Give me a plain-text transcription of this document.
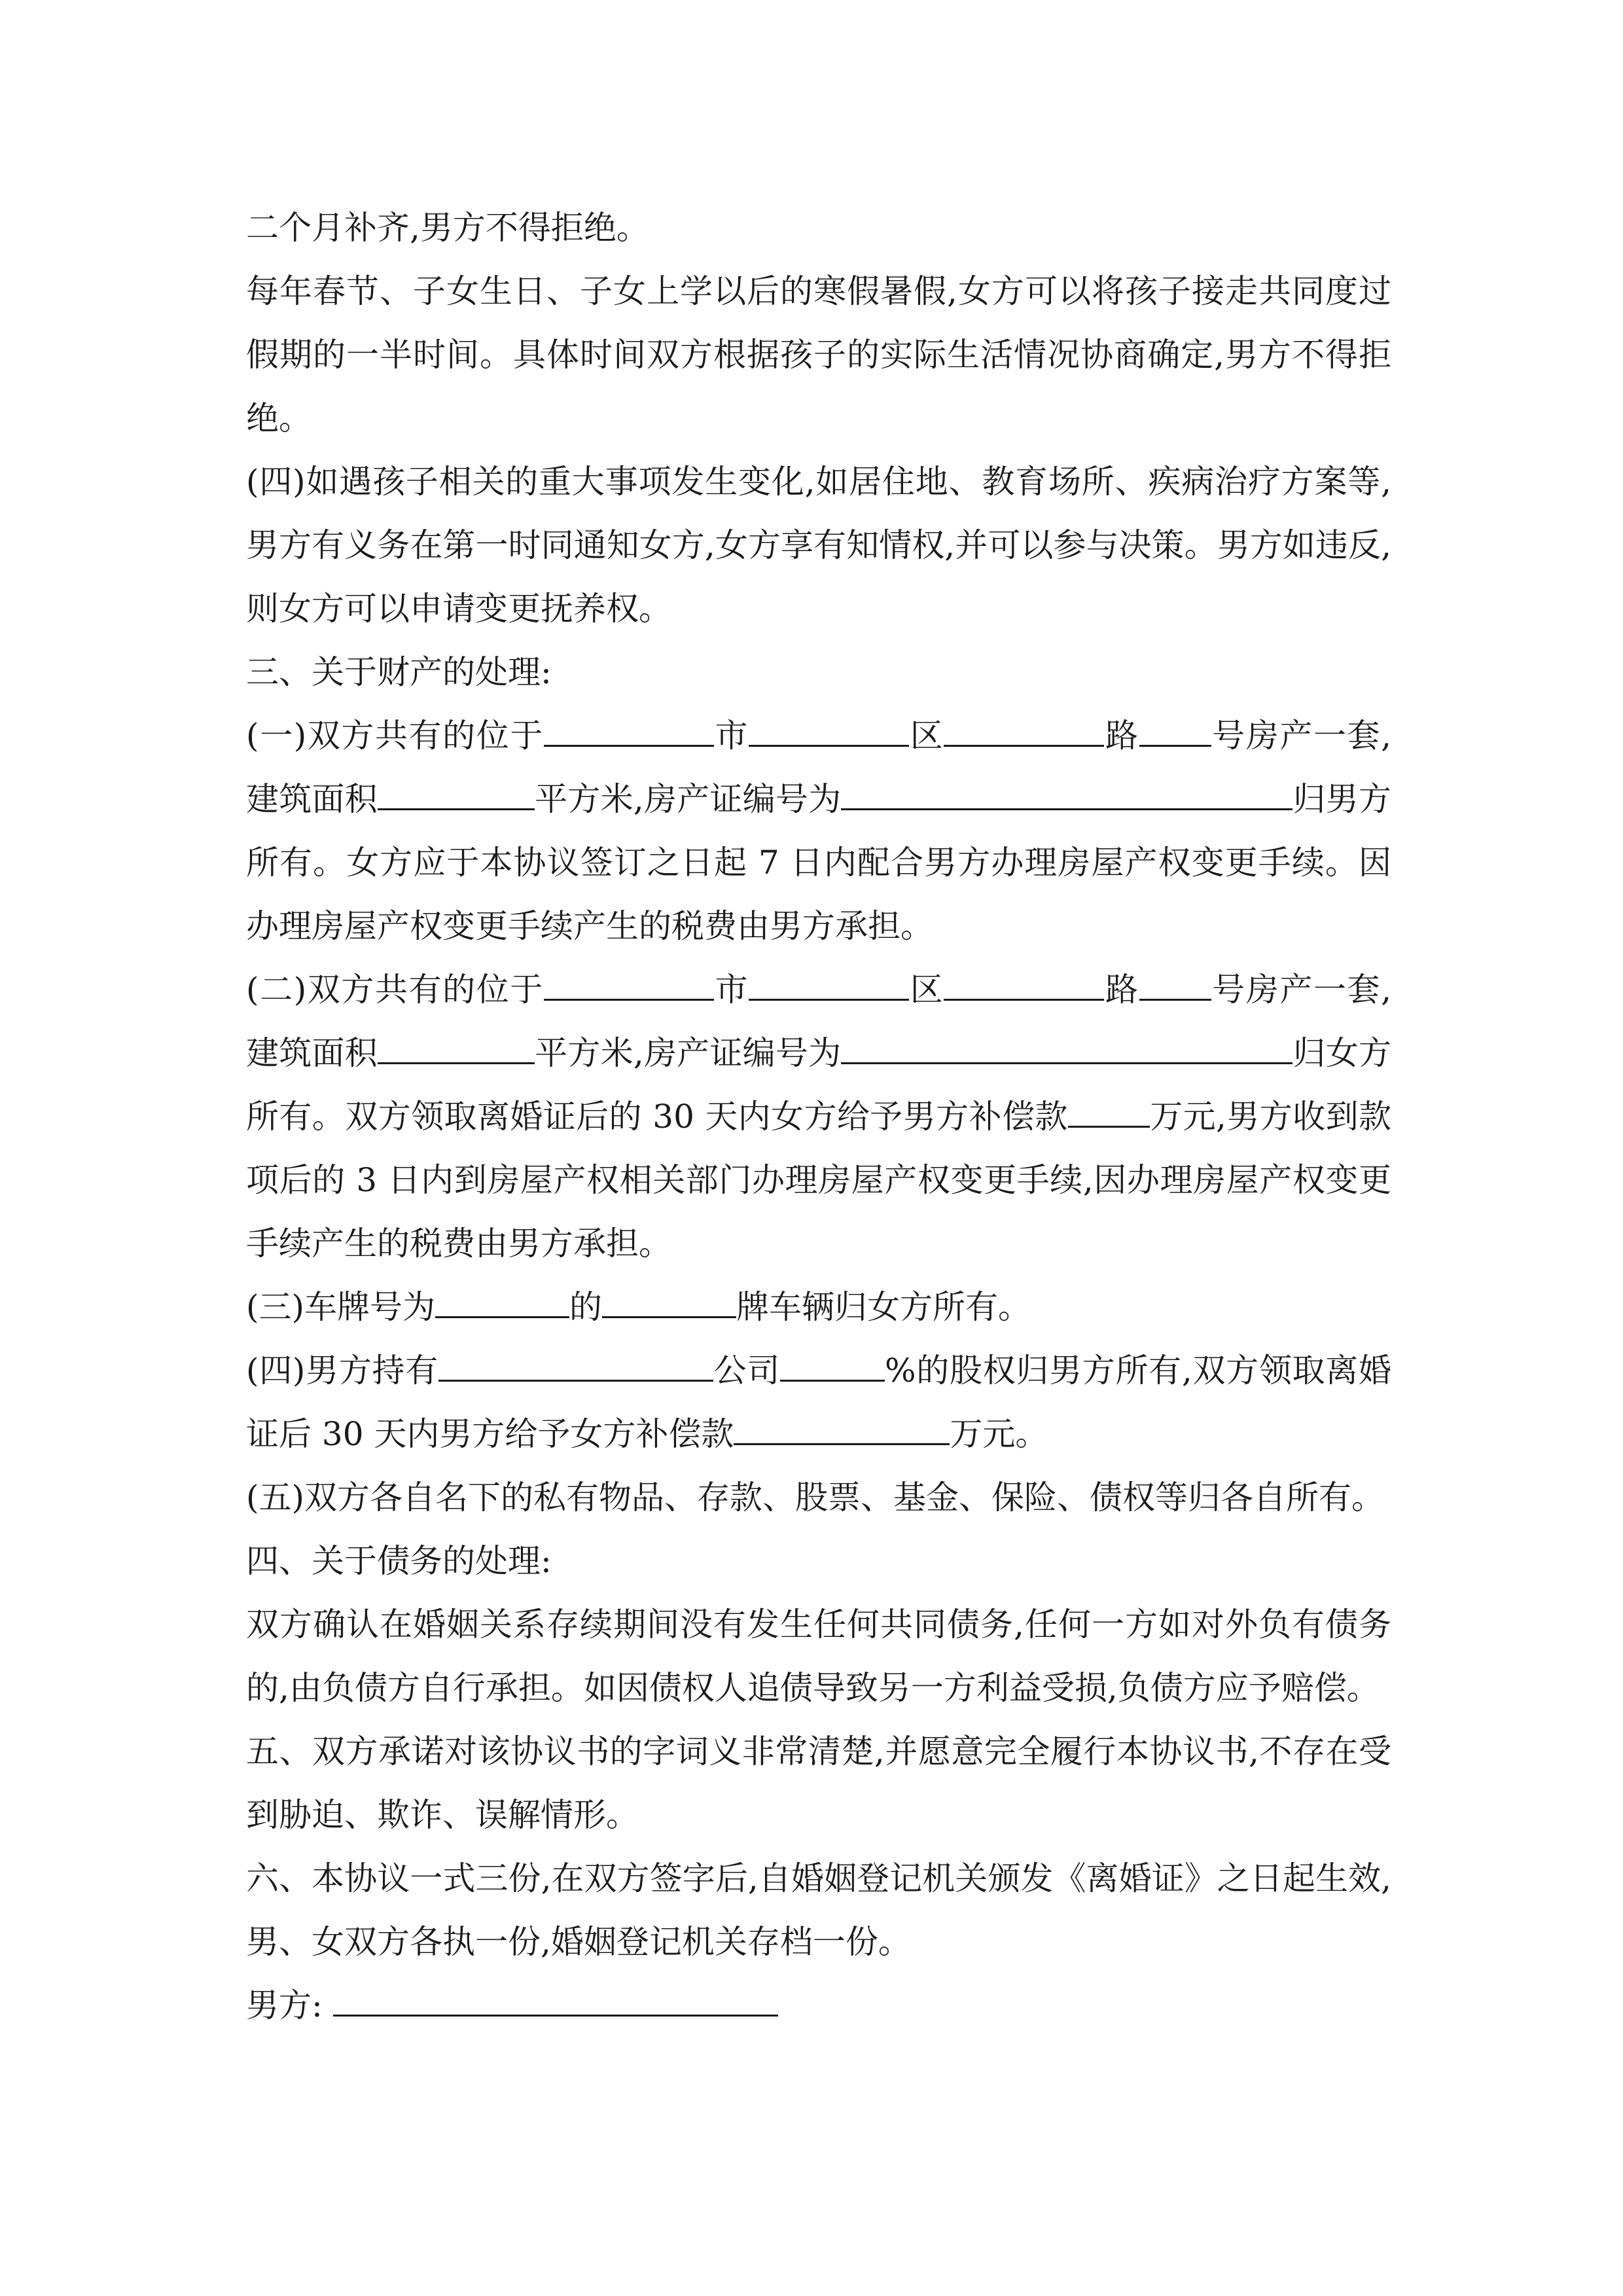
二个月补齐,男方不得拒绝。

每年春节、子女生日、子女上学以后的寒假暑假,女方可以将孩子接走共同度过假期的一半时间。具体时间双方根据孩子的实际生活情况协商确定,男方不得拒绝。

(四)如遇孩子相关的重大事项发生变化,如居住地、教育场所、疾病治疗方案等,男方有义务在第一时同通知女方,女方享有知情权,并可以参与决策。男方如违反,则女方可以申请变更抚养权。

三、关于财产的处理:

(一)双方共有的位于	市	区	路 号房产一套,建筑面积	平方米,房产证编号为	归男方所有。女方应于本协议签订之日起 7 日内配合男方办理房屋产权变更手续。因办理房屋产权变更手续产生的税费由男方承担。

(二)双方共有的位于	市	区	路 号房产一套,建筑面积	平方米,房产证编号为	归女方所有。双方领取离婚证后的 30 天内女方给予男方补偿款	万元,男方收到款项后的 3 日内到房屋产权相关部门办理房屋产权变更手续,因办理房屋产权变更手续产生的税费由男方承担。

(三)车牌号为	的	牌车辆归女方所有。

(四)男方持有	公司	%的股权归男方所有,双方领取离婚证后 30 天内男方给予女方补偿款	万元。

(五)双方各自名下的私有物品、存款、股票、基金、保险、债权等归各自所有。

四、关于债务的处理:

双方确认在婚姻关系存续期间没有发生任何共同债务,任何一方如对外负有债务的,由负债方自行承担。如因债权人追债导致另一方利益受损,负债方应予赔偿。

五、双方承诺对该协议书的字词义非常清楚,并愿意完全履行本协议书,不存在受到胁迫、欺诈、误解情形。

六、本协议一式三份,在双方签字后,自婚姻登记机关颁发《离婚证》之日起生效,男、女双方各执一份,婚姻登记机关存档一份。

男方:
